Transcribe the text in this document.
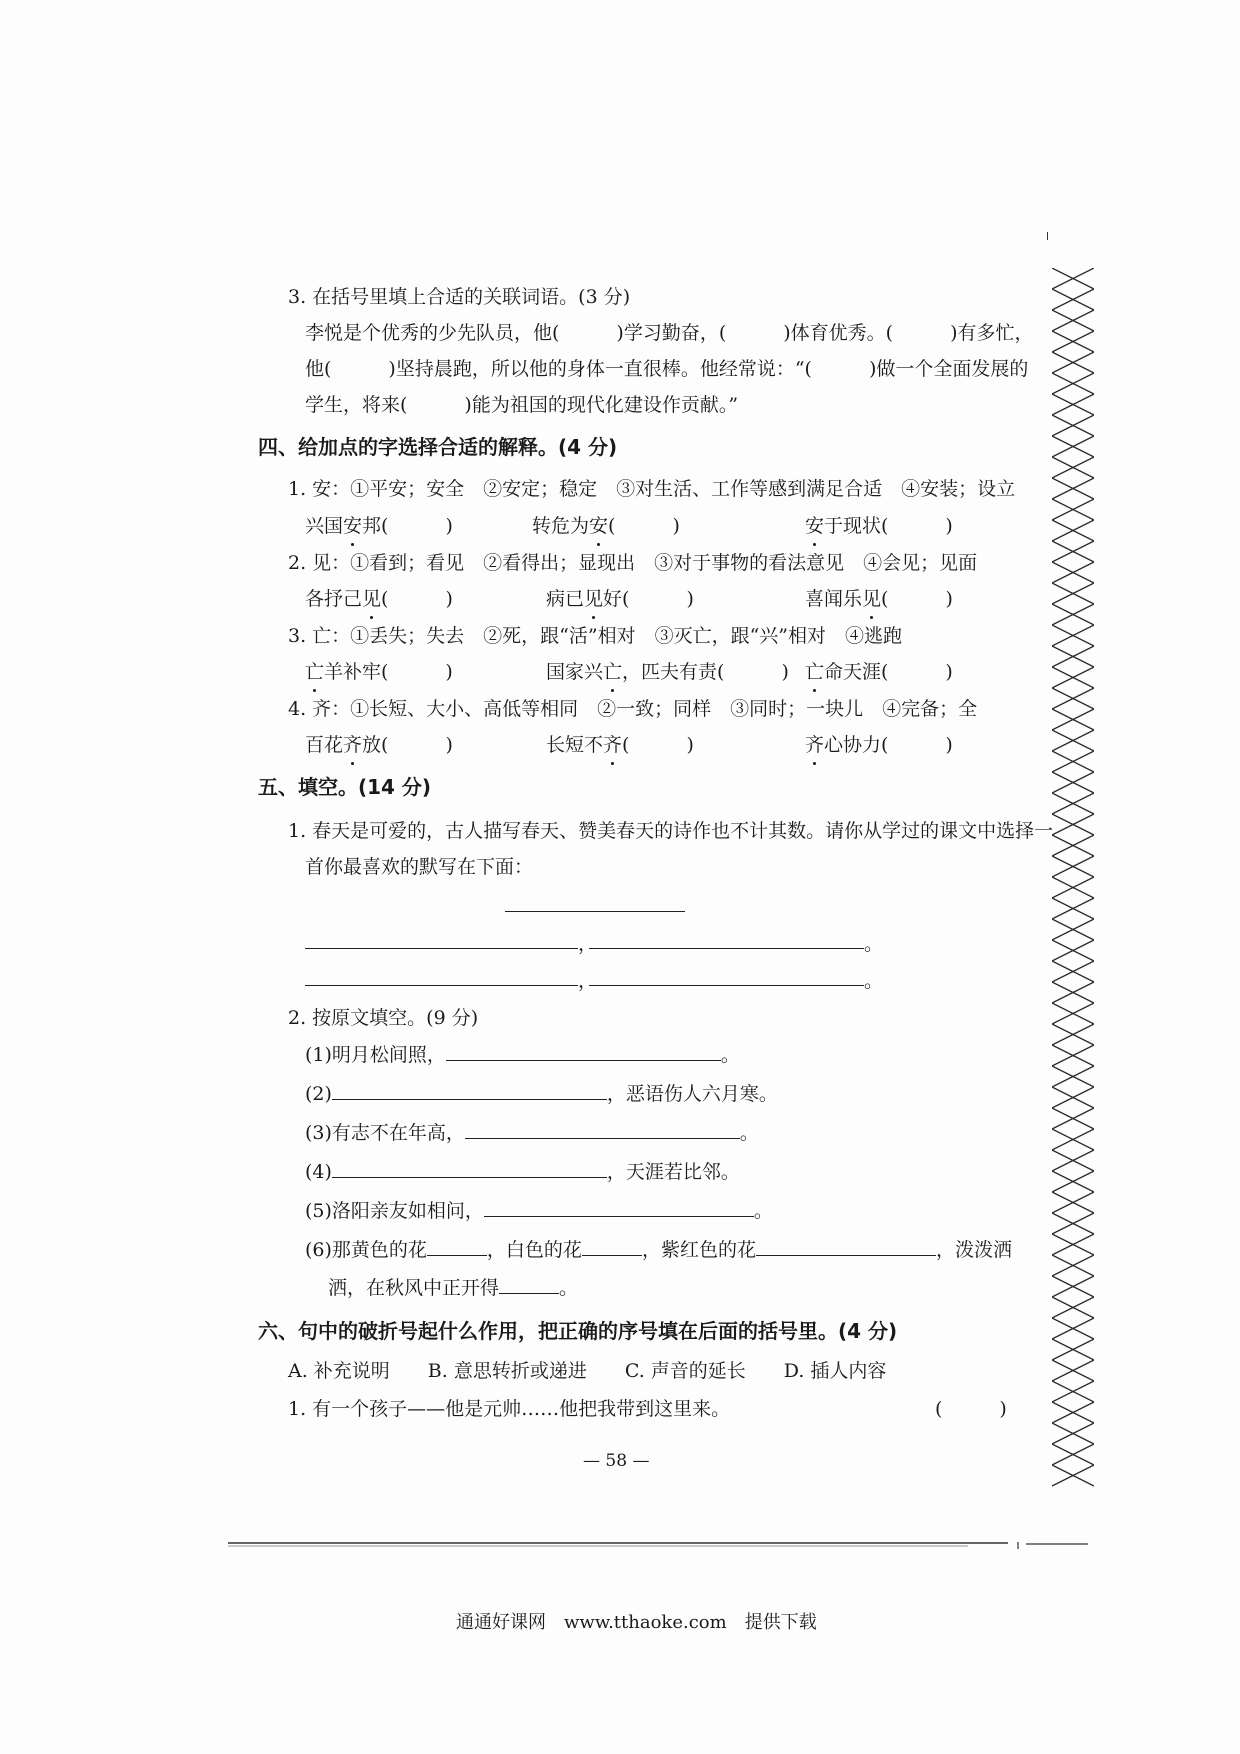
3. 在括号里填上合适的关联词语。(3 分)
李悦是个优秀的少先队员，他(　　　)学习勤奋，(　　　)体育优秀。(　　　)有多忙，
他(　　　)坚持晨跑，所以他的身体一直很棒。他经常说：“(　　　)做一个全面发展的
学生，将来(　　　)能为祖国的现代化建设作贡献。”
四、给加点的字选择合适的解释。(4 分)
1. 安：①平安；安全　②安定；稳定　③对生活、工作等感到满足合适　④安装；设立
兴国安邦(　　　)	转危为安(　　　)	安于现状(　　　)
2. 见：①看到；看见　②看得出；显现出　③对于事物的看法意见　④会见；见面
各抒己见(　　　)	病已见好(　　　)	喜闻乐见(　　　)
3. 亡：①丢失；失去　②死，跟“活”相对　③灭亡，跟“兴”相对　④逃跑
亡羊补牢(　　　)	国家兴亡，匹夫有责(　　　) 亡命天涯(　　　)
4. 齐：①长短、大小、高低等相同　②一致；同样　③同时；一块儿　④完备；全
百花齐放(　　　)	长短不齐(　　　)	齐心协力(　　　)
五、填空。(14 分)
1. 春天是可爱的，古人描写春天、赞美春天的诗作也不计其数。请你从学过的课文中选择一
首你最喜欢的默写在下面：
，	。
，	。
2. 按原文填空。(9 分)
(1)明月松间照，	。
(2)	，恶语伤人六月寒。
(3)有志不在年高，	。
(4)	，天涯若比邻。
(5)洛阳亲友如相问，	。
(6)那黄色的花	，白色的花	，紫红色的花	，泼泼洒
洒，在秋风中正开得	。
六、句中的破折号起什么作用，把正确的序号填在后面的括号里。(4 分)
A. 补充说明　　B. 意思转折或递进　　C. 声音的延长　　D. 插人内容
1. 有一个孩子——他是元帅……他把我带到这里来。	(　　　)
— 58 —
通通好课网　www.tthaoke.com　提供下载
